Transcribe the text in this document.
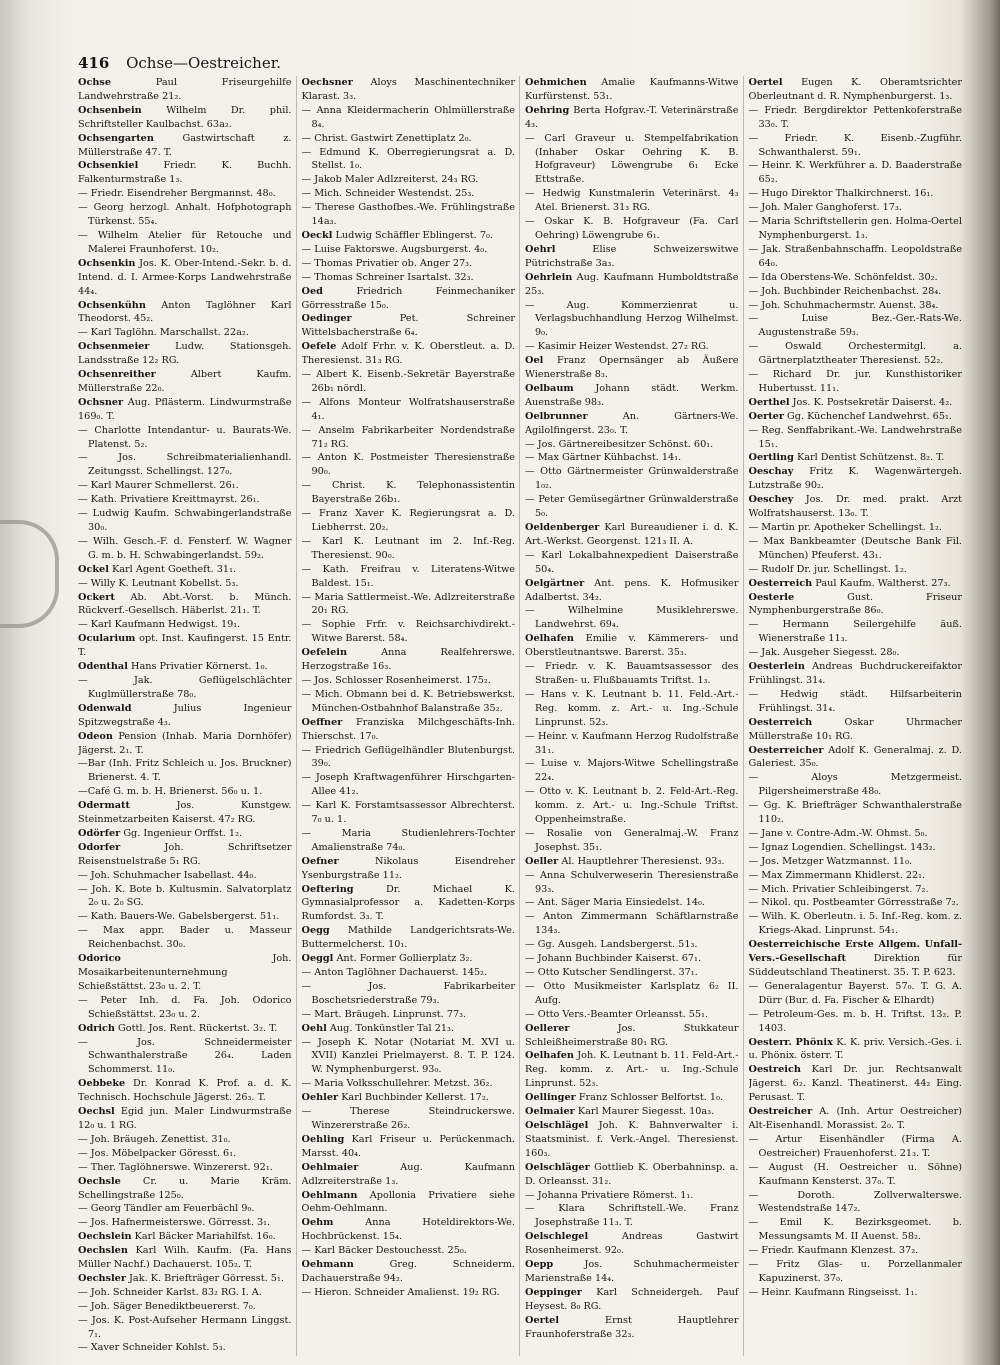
416 Ochse—Oestreicher.

Ochse	Paul Friseurgehilfe Landwehrstraße 21₂.

Ochsenbein	Wilhelm Dr. phil. Schriftsteller Kaulbachst. 63a₂.

Ochsengarten	Gastwirtschaft z. Müllerstraße 47. T.

Ochsenkiel	Friedr. K. Buchh. Falkenturmstraße 1₃.

— Friedr. Eisendreher Bergmannst. 48₀.

— Georg herzogl. Anhalt. Hofphotograph Türkenst. 55₄.

— Wilhelm Atelier für Retouche und Malerei Fraunhoferst. 10₂.

Ochsenkin Jos. K. Ober-Intend.-Sekr. b. d. Intend. d. I. Armee-Korps Landwehrstraße 44₄.

Ochsenkühn Anton Taglöhner Karl Theodorst. 45₂.

— Karl Taglöhn. Marschallst. 22a₂.

Ochsenmeier	Ludw. Stationsgeh. Landsstraße 12₂ RG.

Ochsenreither	Albert Kaufm. Müllerstraße 22₀.

Ochsner Aug. Pflästerm. Lindwurmstraße 169₀. T.

— Charlotte Intendantur- u. Baurats-We. Platenst. 5₂.

— Jos. Schreibmaterialienhandl. Zeitungsst. Schellingst. 127₀.

— Karl Maurer Schmellerst. 26₁.

— Kath. Privatiere Kreittmayrst. 26₁.

— Ludwig Kaufm. Schwabingerlandstraße 30₀.

— Wilh. Gesch.-F. d. Fensterf. W. Wagner G. m. b. H. Schwabingerlandst. 59₂.

Ockel Karl Agent Goetheft. 31₁.

— Willy K. Leutnant Kobellst. 5₃.

Ockert Ab. Abt.-Vorst. b. Münch. Rückverf.-Gesellsch. Häberlst. 21₁. T.

— Karl Kaufmann Hedwigst. 19₁.

Ocularium opt. Inst. Kaufingerst. 15 Entr. T.

Odenthal Hans Privatier Körnerst. 1₀.

— Jak. Geflügelschlächter Kuglmüllerstraße 78₀.

Odenwald	Julius Ingenieur Spitzwegstraße 4₃.

Odeon Pension (Inhab. Maria Dornhöfer) Jägerst. 2₁. T.

—Bar (Inh. Fritz Schleich u. Jos. Bruckner) Brienerst. 4. T.

—Café G. m. b. H. Brienerst. 56₀ u. 1.

Odermatt	Jos. Kunstgew. Steinmetzarbeiten Kaiserst. 47₂ RG.

Odörfer Gg. Ingenieur Orffst. 1₂.

Odorfer	Joh. Schriftsetzer Reisenstuelstraße 5₁ RG.

— Joh. Schuhmacher Isabellast. 44₀.

— Joh. K. Bote b. Kultusmin. Salvatorplatz 2₀ u. 2₀ SG.

— Kath. Bauers-We. Gabelsbergerst. 51₁.

— Max appr. Bader u. Masseur Reichenbachst. 30₀.

Odorico	Joh. Mosaikarbeitenunternehmung Schießstättst. 23₀ u. 2. T.

— Peter Inh. d. Fa. Joh. Odorico Schießstättst. 23₀ u. 2.

Odrich Gottl. Jos. Rent. Rückertst. 3₂. T.

— Jos. Schneidermeister Schwanthalerstraße 26₄. Laden Schommerst. 11₀.

Oebbeke Dr. Konrad K. Prof. a. d. K. Technisch. Hochschule Jägerst. 26₃. T.

Oechsl Egid jun. Maler Lindwurmstraße 12₀ u. 1 RG.

— Joh. Bräugeh. Zenettist. 31₀.

— Jos. Möbelpacker Göresst. 6₁.

— Ther. Taglöhnerswe. Winzererst. 92₁.

Oechsle Cr. u. Marie Kräm. Schellingstraße 125₀.

— Georg Tändler am Feuerbächl 9₀.

— Jos. Hafnermeisterswe. Görresst. 3₁.

Oechslein Karl Bäcker Mariahilfst. 16₀.

Oechslen Karl Wilh. Kaufm. (Fa. Hans Müller Nachf.) Dachauerst. 105₂. T.

Oechsler Jak. K. Briefträger Görresst. 5₁.

— Joh. Schneider Karlst. 83₂ RG. I. A.

— Joh. Säger Benediktbeuererst. 7₀.

— Jos. K. Post-Aufseher Hermann Linggst. 7₁.

— Xaver Schneider Kohlst. 5₃.

Oechsner Aloys Maschinentechniker Klarast. 3₃.

— Anna Kleidermacherin Ohlmüllerstraße 8₄.

— Christ. Gastwirt Zenettiplatz 2₀.

— Edmund K. Oberregierungsrat a. D. Stellst. 1₀.

— Jakob Maler Adlzreiterst. 24₃ RG.

— Mich. Schneider Westendst. 25₃.

— Therese Gasthofbes.-We. Frühlingstraße 14a₃.

Oeckl Ludwig Schäffler Eblingerst. 7₀.

— Luise Faktorswe. Augsburgerst. 4₀.

— Thomas Privatier ob. Anger 27₃.

— Thomas Schreiner Isartalst. 32₃.

Oed	Friedrich Feinmechaniker Görresstraße 15₀.

Oedinger	Pet. Schreiner Wittelsbacherstraße 6₄.

Oefele Adolf Frhr. v. K. Oberstleut. a. D. Theresienst. 31₃ RG.

— Albert K. Eisenb.-Sekretär Bayerstraße 26b₁ nördl.

— Alfons Monteur Wolfratshauserstraße 4₁.

— Anselm Fabrikarbeiter Nordendstraße 71₂ RG.

— Anton K. Postmeister Theresienstraße 90₀.

— Christ. K. Telephonassistentin Bayerstraße 26b₁.

— Franz Xaver K. Regierungsrat a. D. Liebherrst. 20₂.

— Karl K. Leutnant im 2. Inf.-Reg. Theresienst. 90₀.

— Kath. Freifrau v. Literatens-Witwe Baldest. 15₁.

— Maria Sattlermeist.-We. Adlzreiterstraße 20₁ RG.

— Sophie Frfr. v. Reichsarchivdirekt.-Witwe Barerst. 58₄.

Oefelein	Anna Realfehrerswe. Herzogstraße 16₃.

— Jos. Schlosser Rosenheimerst. 175₂.

— Mich. Obmann bei d. K. Betriebswerkst. München-Ostbahnhof Balanstraße 35₂.

Oeffner Franziska Milchgeschäfts-Inh. Thierschst. 17₀.

— Friedrich Geflügelhändler Blutenburgst. 39₀.

— Joseph Kraftwagenführer Hirschgarten-Allee 41₂.

— Karl K. Forstamtsassessor Albrechterst. 7₀ u. 1.

— Maria Studienlehrers-Tochter Amalienstraße 74₀.

Oefner	Nikolaus Eisendreher Ysenburgstraße 11₂.

Oeftering	Dr. Michael K. Gymnasialprofessor a. Kadetten-Korps Rumfordst. 3₃. T.

Oegg Mathilde Landgerichtsrats-We. Buttermelcherst. 10₁.

Oeggl Ant. Former Gollierplatz 3₂.

— Anton Taglöhner Dachauerst. 145₂.

— Jos. Fabrikarbeiter Boschetsriederstraße 79₃.

— Mart. Bräugeh. Linprunst. 77₃.

Oehl Aug. Tonkünstler Tal 21₃.

— Joseph K. Notar (Notariat M. XVI u. XVII) Kanzlei Prielmayerst. 8. T. P. 124. W. Nymphenburgerst. 93₀.

— Maria Volksschullehrer. Metzst. 36₂.

Oehler Karl Buchbinder Kellerst. 17₂.

— Therese Steindruckerswe. Winzererstraße 26₂.

Oehling Karl Friseur u. Perückenmach. Marsst. 40₄.

Oehlmaier	Aug. Kaufmann Adlzreiterstraße 1₃.

Oehlmann Apollonia Privatiere siehe Oehm-Oehlmann.

Oehm	Anna Hoteldirektors-We. Hochbrückenst. 15₄.

— Karl Bäcker Destouchesst. 25₀.

Oehmann	Greg. Schneiderm. Dachauerstraße 94₂.

— Hieron. Schneider Amalienst. 19₂ RG.

Oehmichen Amalie Kaufmanns-Witwe Kurfürstenst. 53₁.

Oehring Berta Hofgrav.-T. Veterinärstraße 4₃.

— Carl Graveur u. Stempelfabrikation (Inhaber Oskar Oehring K. B. Hofgraveur) Löwengrube 6₁ Ecke Ettstraße.

— Hedwig Kunstmalerin Veterinärst. 4₃ Atel. Brienerst. 31₃ RG.

— Oskar K. B. Hofgraveur (Fa. Carl Oehring) Löwengrube 6₁.

Oehrl	Elise Schweizerswitwe Pütrichstraße 3a₃.

Oehrlein Aug. Kaufmann Humboldtstraße 25₃.

— Aug. Kommerzienrat u. Verlagsbuchhandlung Herzog Wilhelmst. 9₀.

— Kasimir Heizer Westendst. 27₂ RG.

Oel Franz Opernsänger ab Äußere Wienerstraße 8₃.

Oelbaum Johann städt. Werkm. Auenstraße 98₃.

Oelbrunner	An. Gärtners-We. Agilolfingerst. 23₀. T.

— Jos. Gärtnereibesitzer Schönst. 60₁.

— Max Gärtner Kühbachst. 14₁.

— Otto Gärtnermeister Grünwalderstraße 1₀₂.

— Peter Gemüsegärtner Grünwalderstraße 5₀.

Oeldenberger Karl Bureaudiener i. d. K. Art.-Werkst. Georgenst. 121₃ II. A.

— Karl Lokalbahnexpedient Daiserstraße 50₄.

Oelgärtner Ant. pens. K. Hofmusiker Adalbertst. 34₂.

— Wilhelmine Musiklehrerswe. Landwehrst. 69₄.

Oelhafen Emilie v. Kämmerers- und Oberstleutnantswe. Barerst. 35₃.

— Friedr. v. K. Bauamtsassessor des Straßen- u. Flußbauamts Triftst. 1₃.

— Hans v. K. Leutnant b. 11. Feld.-Art.-Reg. komm. z. Art.- u. Ing.-Schule Linprunst. 52₃.

— Heinr. v. Kaufmann Herzog Rudolfstraße 31₁.

— Luise v. Majors-Witwe Schellingstraße 22₄.

— Otto v. K. Leutnant b. 2. Feld-Art.-Reg. komm. z. Art.- u. Ing.-Schule Triftst. Oppenheimstraße.

— Rosalie von Generalmaj.-W. Franz Josephst. 35₁.

Oeller Al. Hauptlehrer Theresienst. 93₃.

— Anna Schulverweserin Theresienstraße 93₃.

— Ant. Säger Maria Einsiedelst. 14₀.

— Anton Zimmermann Schäftlarnstraße 134₃.

— Gg. Ausgeh. Landsbergerst. 51₃.

— Johann Buchbinder Kaiserst. 67₁.

— Otto Kutscher Sendlingerst. 37₁.

— Otto Musikmeister Karlsplatz 6₂ II. Aufg.

— Otto Vers.-Beamter Orleansst. 55₁.

Oellerer	Jos. Stukkateur Schleißheimerstraße 80₁ RG.

Oelhafen Joh. K. Leutnant b. 11. Feld-Art.-Reg. komm. z. Art.- u. Ing.-Schule Linprunst. 52₃.

Oellinger Franz Schlosser Belfortst. 1₀.

Oelmaier Karl Maurer Siegesst. 10a₃.

Oelschlägel Joh. K. Bahnverwalter i. Staatsminist. f. Verk.-Angel. Theresienst. 160₃.

Oelschläger Gottlieb K. Oberbahninsp. a. D. Orleansst. 31₂.

— Johanna Privatiere Römerst. 1₁.

— Klara Schriftstell.-We. Franz Josephstraße 11₃. T.

Oelschlegel	Andreas Gastwirt Rosenheimerst. 92₀.

Oepp	Jos. Schuhmachermeister Marienstraße 14₄.

Oeppinger Karl Schneidergeh. Pauf Heysest. 8₀ RG.

Oertel	Ernst Hauptlehrer Fraunhoferstraße 32₃.

Oertel Eugen K. Oberamtsrichter Oberleutnant d. R. Nymphenburgerst. 1₃.

— Friedr. Bergdirektor Pettenkoferstraße 33₀. T.

— Friedr. K. Eisenb.-Zugführ. Schwanthalerst. 59₁.

— Heinr. K. Werkführer a. D. Baaderstraße 65₂.

— Hugo Direktor Thalkirchnerst. 16₁.

— Joh. Maler Ganghoferst. 17₃.

— Maria Schriftstellerin gen. Holma-Oertel Nymphenburgerst. 1₃.

— Jak. Straßenbahnschaffn. Leopoldstraße 64₀.

— Ida Oberstens-We. Schönfeldst. 30₂.

— Joh. Buchbinder Reichenbachst. 28₄.

— Joh. Schuhmachermstr. Auenst. 38₄.

— Luise Bez.-Ger.-Rats-We. Augustenstraße 59₃.

— Oswald Orchestermitgl. a. Gärtnerplatztheater Theresienst. 52₂.

— Richard Dr. jur. Kunsthistoriker Hubertusst. 11₁.

Oerthel Jos. K. Postsekretär Daiserst. 4₂.

Oerter Gg. Küchenchef Landwehrst. 65₁.

— Reg. Senffabrikant.-We. Landwehrstraße 15₁.

Oertling Karl Dentist Schützenst. 8₂. T.

Oeschay Fritz K. Wagenwärtergeh. Lutzstraße 90₂.

Oeschey Jos. Dr. med. prakt. Arzt Wolfratshauserst. 13₀. T.

— Martin pr. Apotheker Schellingst. 1₂.

— Max Bankbeamter (Deutsche Bank Fil. München) Pfeuferst. 43₁.

— Rudolf Dr. jur. Schellingst. 1₂.

Oesterreich Paul Kaufm. Waltherst. 27₃.

Oesterle	Gust. Friseur Nymphenburgerstraße 86₀.

— Hermann Seilergehilfe äuß. Wienerstraße 11₃.

— Jak. Ausgeher Siegesst. 28₀.

Oesterlein Andreas Buchdruckereifaktor Frühlingst. 31₄.

— Hedwig städt. Hilfsarbeiterin Frühlingst. 31₄.

Oesterreich	Oskar Uhrmacher Müllerstraße 10₁ RG.

Oesterreicher Adolf K. Generalmaj. z. D. Galeriest. 35₀.

— Aloys Metzgermeist. Pilgersheimerstraße 48₀.

— Gg. K. Briefträger Schwanthalerstraße 110₂.

— Jane v. Contre-Adm.-W. Ohmst. 5₀.

— Ignaz Logendien. Schellingst. 143₂.

— Jos. Metzger Watzmannst. 11₀.

— Max Zimmermann Khidlerst. 22₁.

— Mich. Privatier Schleibingerst. 7₂.

— Nikol. qu. Postbeamter Görresstraße 7₂.

— Wilh. K. Oberleutn. i. 5. Inf.-Reg. kom. z. Kriegs-Akad. Linprunst. 54₁.

Oesterreichische Erste Allgem. Unfall-Vers.-Gesellschaft	Direktion für Süddeutschland Theatinerst. 35. T. P. 623.

— Generalagentur Bayerst. 57₀. T. G. A. Dürr (Bur. d. Fa. Fischer & Elhardt)

— Petroleum-Ges. m. b. H. Triftst. 13₂. P. 1403.

Oesterr. Phönix K. K. priv. Versich.-Ges. i. u. Phönix. österr. T.

Oestreich Karl Dr. jur. Rechtsanwalt Jägerst. 6₂. Kanzl. Theatinerst. 44₂ Eing. Perusast. T.

Oestreicher A. (Inh. Artur Oestreicher) Alt-Eisenhandl. Morassist. 2₀. T.

— Artur Eisenhändler (Firma A. Oestreicher) Frauenhoferst. 21₃. T.

— August (H. Oestreicher u. Söhne) Kaufmann Kensterst. 37₀. T.

— Doroth. Zollverwalterswe. Westendstraße 147₂.

— Emil K. Bezirksgeomet. b. Messungsamts M. II Auenst. 58₂.

— Friedr. Kaufmann Klenzest. 37₂.

— Fritz Glas- u. Porzellanmaler Kapuzinerst. 37₀.

— Heinr. Kaufmann Ringseisst. 1₁.
